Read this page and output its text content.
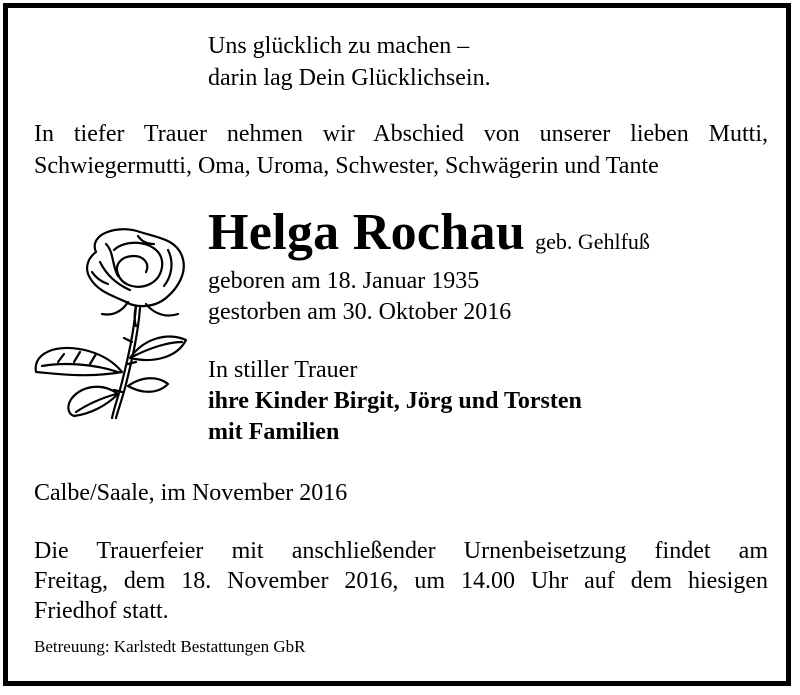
Uns glücklich zu machen –
darin lag Dein Glücklichsein.
In tiefer Trauer nehmen wir Abschied von unserer lieben Mutti,
Schwiegermutti, Oma, Uroma, Schwester, Schwägerin und Tante
Helga Rochau geb. Gehlfuß
geboren am 18. Januar 1935
gestorben am 30. Oktober 2016
In stiller Trauer
ihre Kinder Birgit, Jörg und Torsten
mit Familien
Calbe/Saale, im November 2016
Die Trauerfeier mit anschließender Urnenbeisetzung findet am
Freitag, dem 18. November 2016, um 14.00 Uhr auf dem hiesigen
Friedhof statt.
Betreuung: Karlstedt Bestattungen GbR
